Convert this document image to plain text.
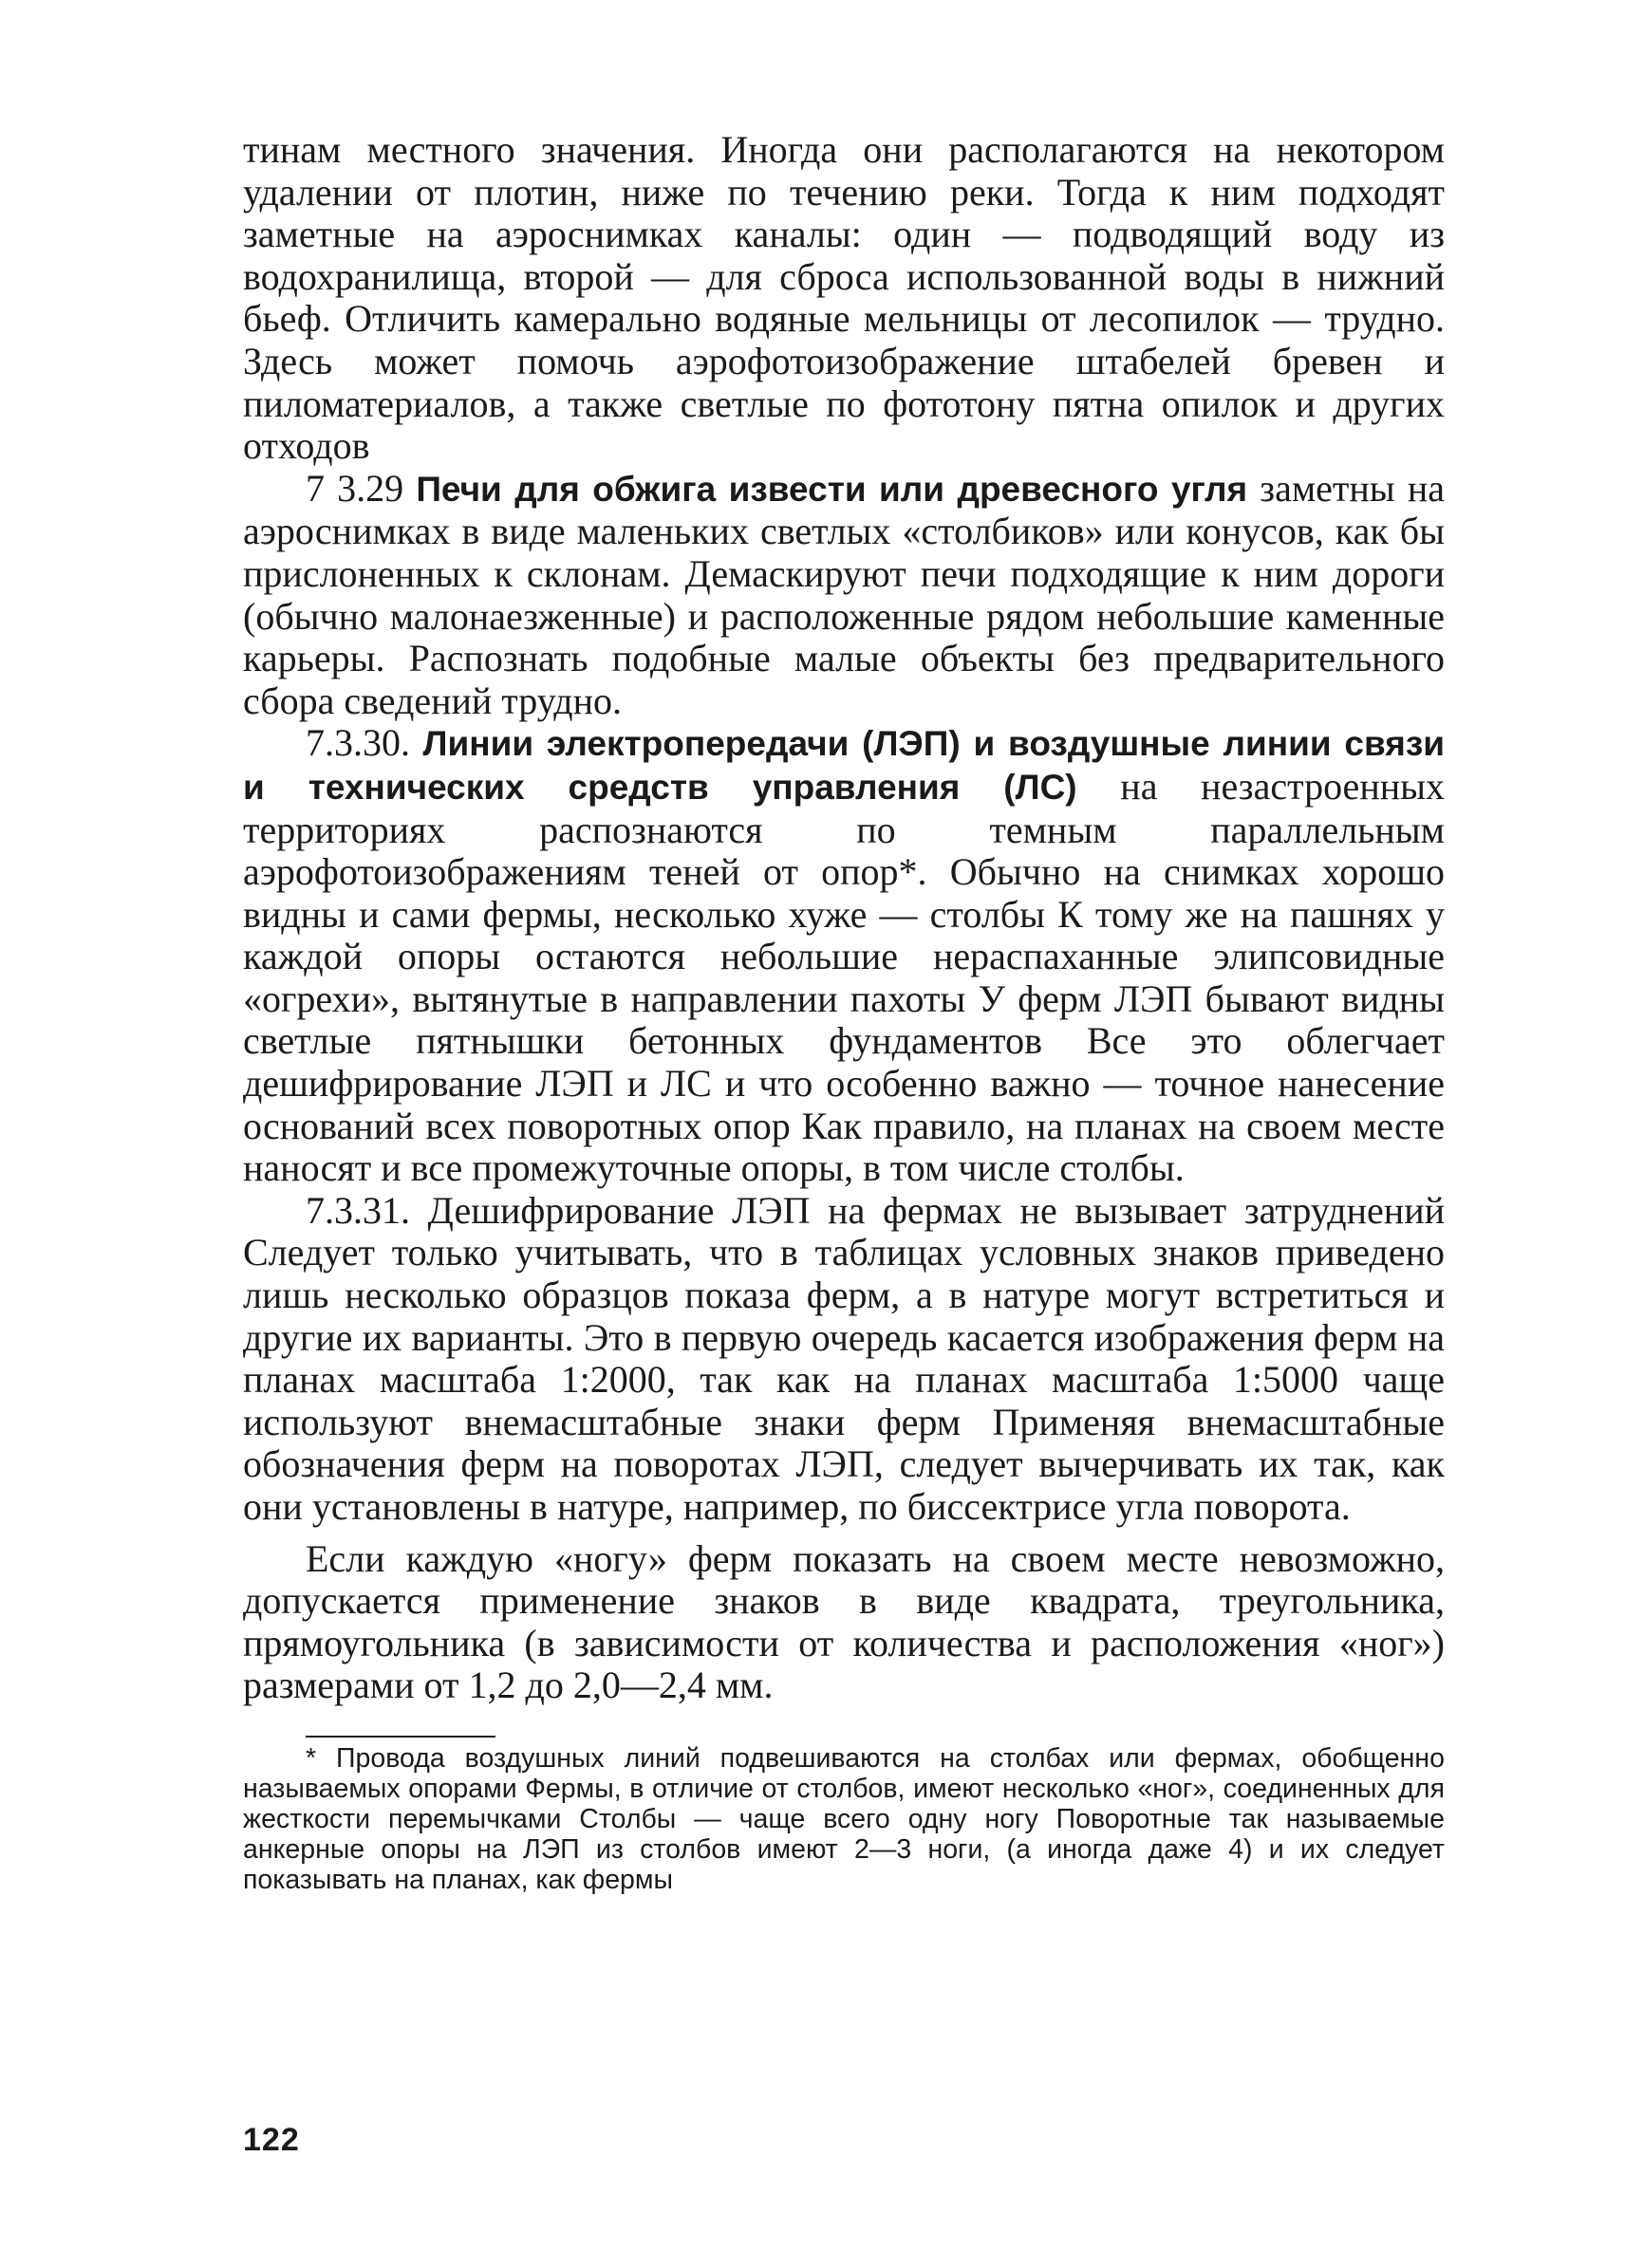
тинам местного значения. Иногда они располагаются на некотором удалении от плотин, ниже по течению реки. Тогда к ним подходят заметные на аэроснимках каналы: один — подводящий воду из водохранилища, второй — для сброса использованной воды в нижний бьеф. Отличить камерально водяные мельницы от лесопилок — трудно. Здесь может помочь аэрофотоизображение штабелей бревен и пиломатериалов, а также светлые по фототону пятна опилок и других отходов

7 3.29 Печи для обжига извести или древесного угля заметны на аэроснимках в виде маленьких светлых «столбиков» или конусов, как бы прислоненных к склонам. Демаскируют печи подходящие к ним дороги (обычно малонаезженные) и расположенные рядом небольшие каменные карьеры. Распознать подобные малые объекты без предварительного сбора сведений трудно.

7.3.30. Линии электропередачи (ЛЭП) и воздушные линии связи и технических средств управления (ЛС) на незастроенных территориях распознаются по темным параллельным аэрофотоизображениям теней от опор*. Обычно на снимках хорошо видны и сами фермы, несколько хуже — столбы К тому же на пашнях у каждой опоры остаются небольшие нераспаханные элипсовидные «огрехи», вытянутые в направлении пахоты У ферм ЛЭП бывают видны светлые пятнышки бетонных фундаментов Все это облегчает дешифрирование ЛЭП и ЛС и что особенно важно — точное нанесение оснований всех поворотных опор Как правило, на планах на своем месте наносят и все промежуточные опоры, в том числе столбы.

7.3.31. Дешифрирование ЛЭП на фермах не вызывает затруднений Следует только учитывать, что в таблицах условных знаков приведено лишь несколько образцов показа ферм, а в натуре могут встретиться и другие их варианты. Это в первую очередь касается изображения ферм на планах масштаба 1:2000, так как на планах масштаба 1:5000 чаще используют внемасштабные знаки ферм Применяя внемасштабные обозначения ферм на поворотах ЛЭП, следует вычерчивать их так, как они установлены в натуре, например, по биссектрисе угла поворота.

Если каждую «ногу» ферм показать на своем месте невозможно, допускается применение знаков в виде квадрата, треугольника, прямоугольника (в зависимости от количества и расположения «ног») размерами от 1,2 до 2,0—2,4 мм.

* Провода воздушных линий подвешиваются на столбах или фермах, обобщенно называемых опорами Фермы, в отличие от столбов, имеют несколько «ног», соединенных для жесткости перемычками Столбы — чаще всего одну ногу Поворотные так называемые анкерные опоры на ЛЭП из столбов имеют 2—3 ноги, (а иногда даже 4) и их следует показывать на планах, как фермы

122
